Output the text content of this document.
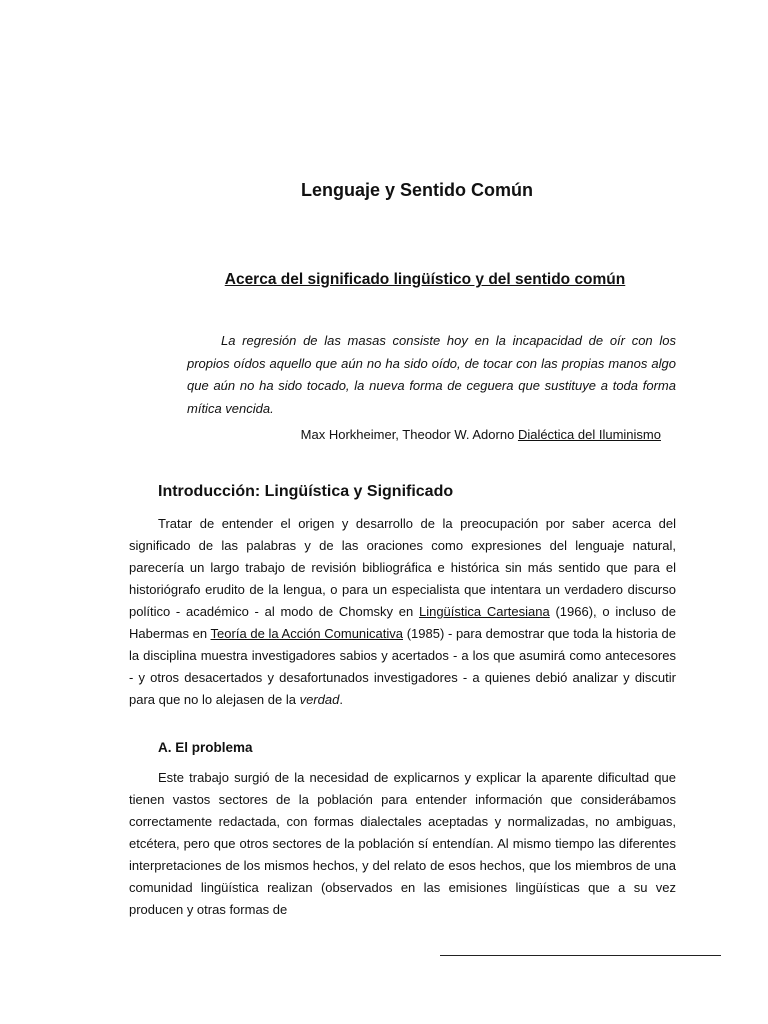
Lenguaje y Sentido Común
Acerca del significado lingüístico y del sentido común

La regresión de las masas consiste hoy en la incapacidad de oír con los propios oídos aquello que aún no ha sido oído, de tocar con las propias manos algo que aún no ha sido tocado, la nueva forma de ceguera que sustituye a toda forma mítica vencida.

Max Horkheimer, Theodor W. Adorno Dialéctica del Iluminismo
Introducción: Lingüística y Significado

Tratar de entender el origen y desarrollo de la preocupación por saber acerca del significado de las palabras y de las oraciones como expresiones del lenguaje natural, parecería un largo trabajo de revisión bibliográfica e histórica sin más sentido que para el historiógrafo erudito de la lengua, o para un especialista que intentara un verdadero discurso político - académico - al modo de Chomsky en Lingüística Cartesiana (1966), o incluso de Habermas en Teoría de la Acción Comunicativa (1985) - para demostrar que toda la historia de la disciplina muestra investigadores sabios y acertados - a los que asumirá como antecesores - y otros desacertados y desafortunados investigadores - a quienes debió analizar y discutir para que no lo alejasen de la verdad.

A. El problema

Este trabajo surgió de la necesidad de explicarnos y explicar la aparente dificultad que tienen vastos sectores de la población para entender información que considerábamos correctamente redactada, con formas dialectales aceptadas y normalizadas, no ambiguas, etcétera, pero que otros sectores de la población sí entendían. Al mismo tiempo las diferentes interpretaciones de los mismos hechos, y del relato de esos hechos, que los miembros de una comunidad lingüística realizan (observados en las emisiones lingüísticas que a su vez producen y otras formas de
